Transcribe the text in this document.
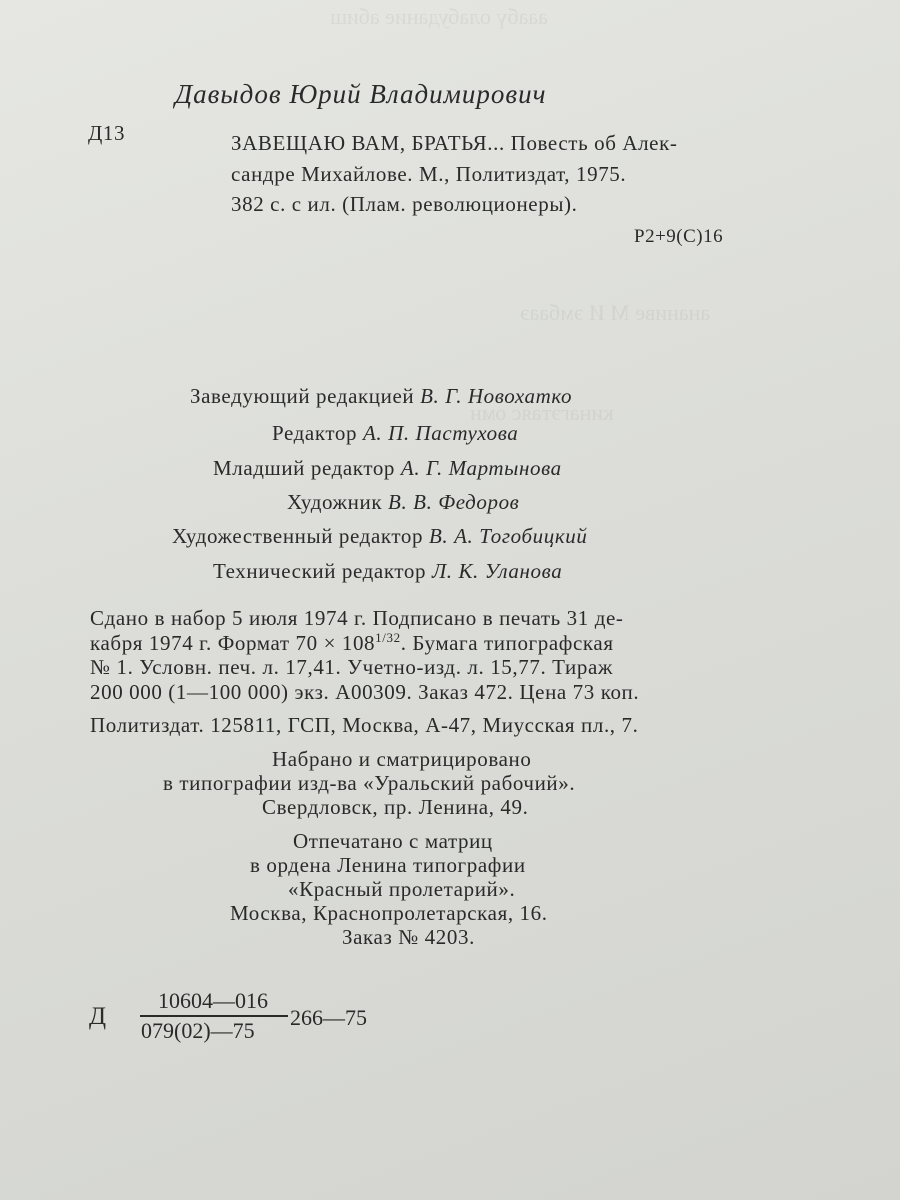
ааабү олабудание абиш
ананиве М И эмбааэ
кинагэтаяс омн
Давыдов Юрий Владимирович
Д13	ЗАВЕЩАЮ ВАМ, БРАТЬЯ... Повесть об Алек-
сандре Михайлове. М., Политиздат, 1975.
382 с. с ил. (Плам. революционеры).
Р2+9(С)16
Заведующий редакцией В. Г. Новохатко
Редактор А. П. Пастухова
Младший редактор А. Г. Мартынова
Художник В. В. Федоров
Художественный редактор В. А. Тогобицкий
Технический редактор Л. К. Уланова
Сдано в набор 5 июля 1974 г. Подписано в печать 31 де-
кабря 1974 г. Формат $70 \times 108^{1/32}$. Бумага типографская
№ 1. Условн. печ. л. 17,41. Учетно-изд. л. 15,77. Тираж
200 000 (1—100 000) экз. А00309. Заказ 472. Цена 73 коп.
Политиздат. 125811, ГСП, Москва, А-47, Миусская пл., 7.
Набрано и сматрицировано
в типографии изд-ва «Уральский рабочий».
Свердловск, пр. Ленина, 49.
Отпечатано с матриц
в ордена Ленина типографии
«Красный пролетарий».
Москва, Краснопролетарская, 16.
Заказ № 4203.
Д
10604—016
079(02)—75
266—75
